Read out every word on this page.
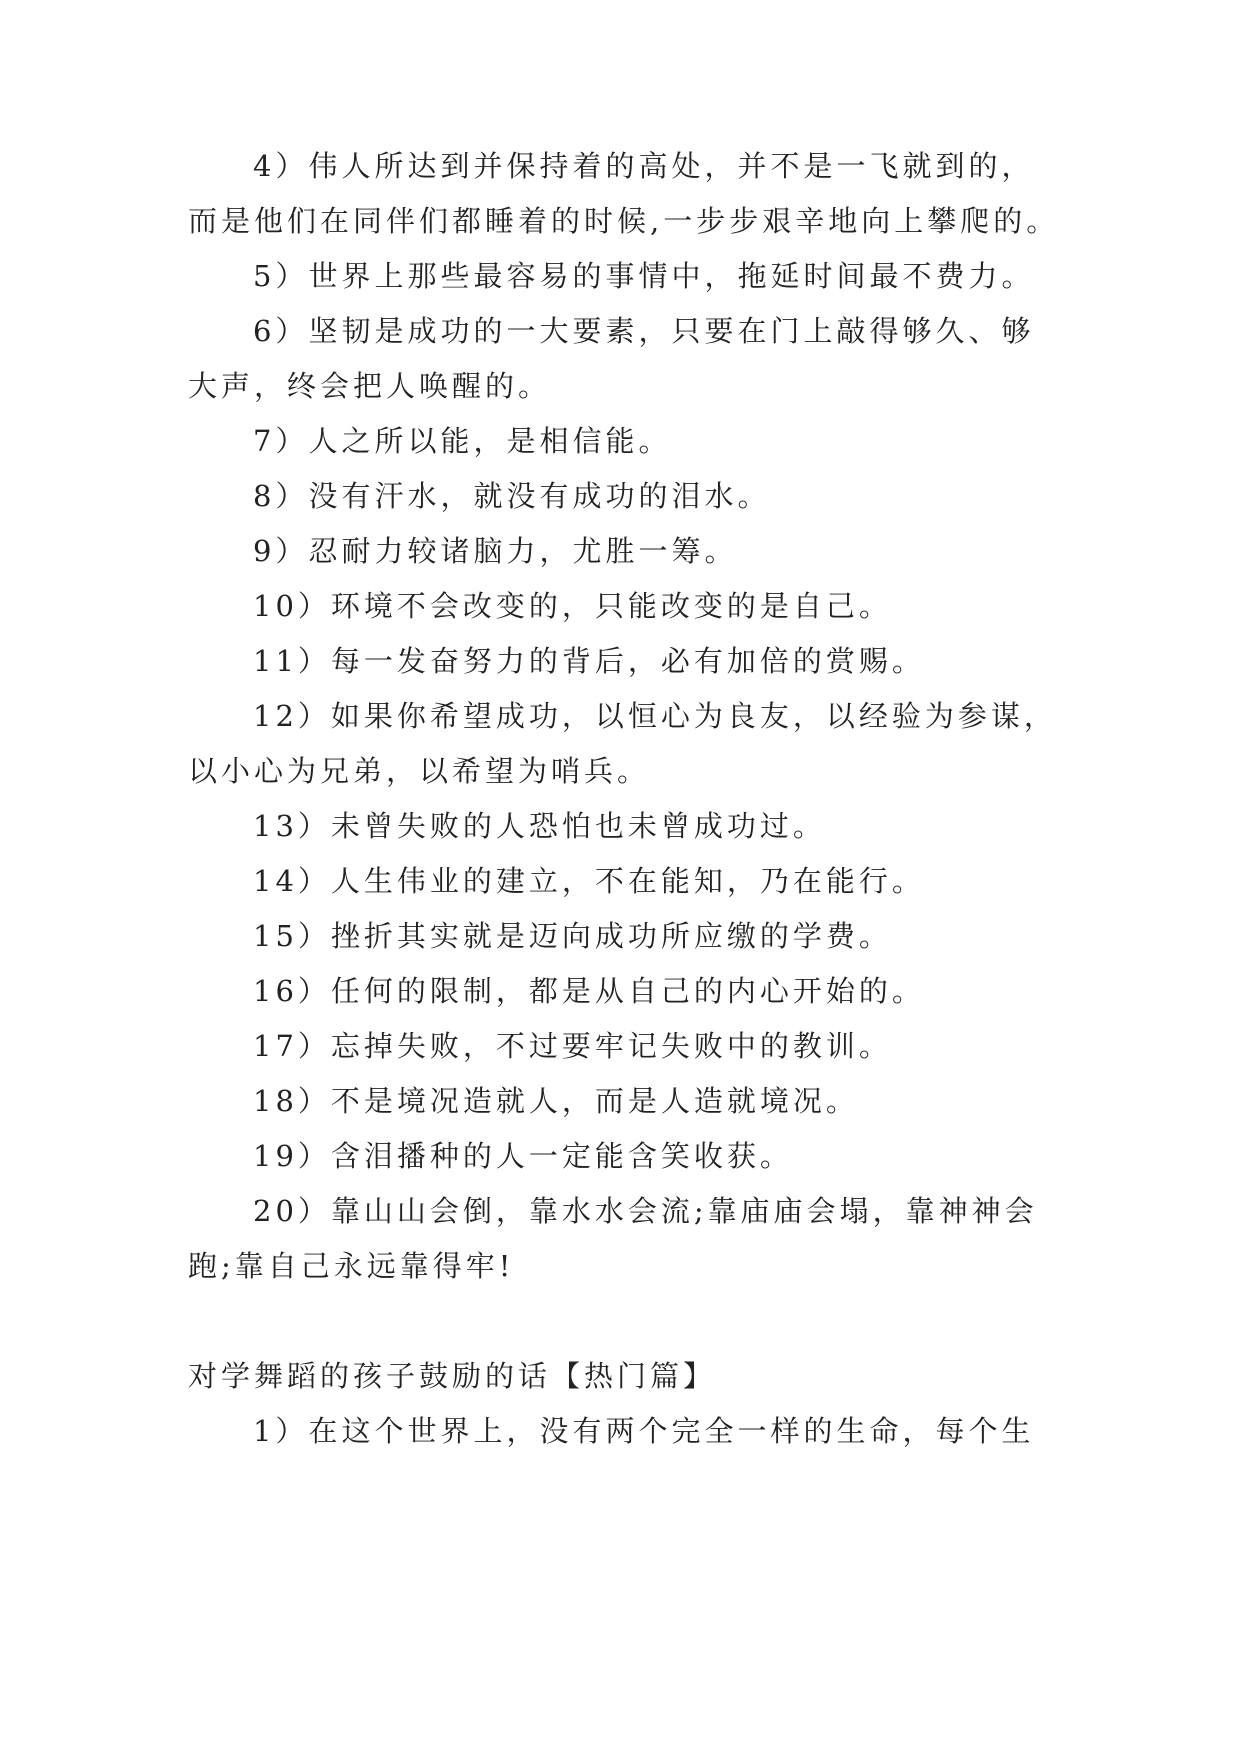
4）伟人所达到并保持着的高处，并不是一飞就到的，
而是他们在同伴们都睡着的时候,一步步艰辛地向上攀爬的。
5）世界上那些最容易的事情中，拖延时间最不费力。
6）坚韧是成功的一大要素，只要在门上敲得够久、够
大声，终会把人唤醒的。
7）人之所以能，是相信能。
8）没有汗水，就没有成功的泪水。
9）忍耐力较诸脑力，尤胜一筹。
10）环境不会改变的，只能改变的是自己。
11）每一发奋努力的背后，必有加倍的赏赐。
12）如果你希望成功，以恒心为良友，以经验为参谋，
以小心为兄弟，以希望为哨兵。
13）未曾失败的人恐怕也未曾成功过。
14）人生伟业的建立，不在能知，乃在能行。
15）挫折其实就是迈向成功所应缴的学费。
16）任何的限制，都是从自己的内心开始的。
17）忘掉失败，不过要牢记失败中的教训。
18）不是境况造就人，而是人造就境况。
19）含泪播种的人一定能含笑收获。
20）靠山山会倒，靠水水会流;靠庙庙会塌，靠神神会
跑;靠自己永远靠得牢!
对学舞蹈的孩子鼓励的话【热门篇】
1）在这个世界上，没有两个完全一样的生命，每个生
